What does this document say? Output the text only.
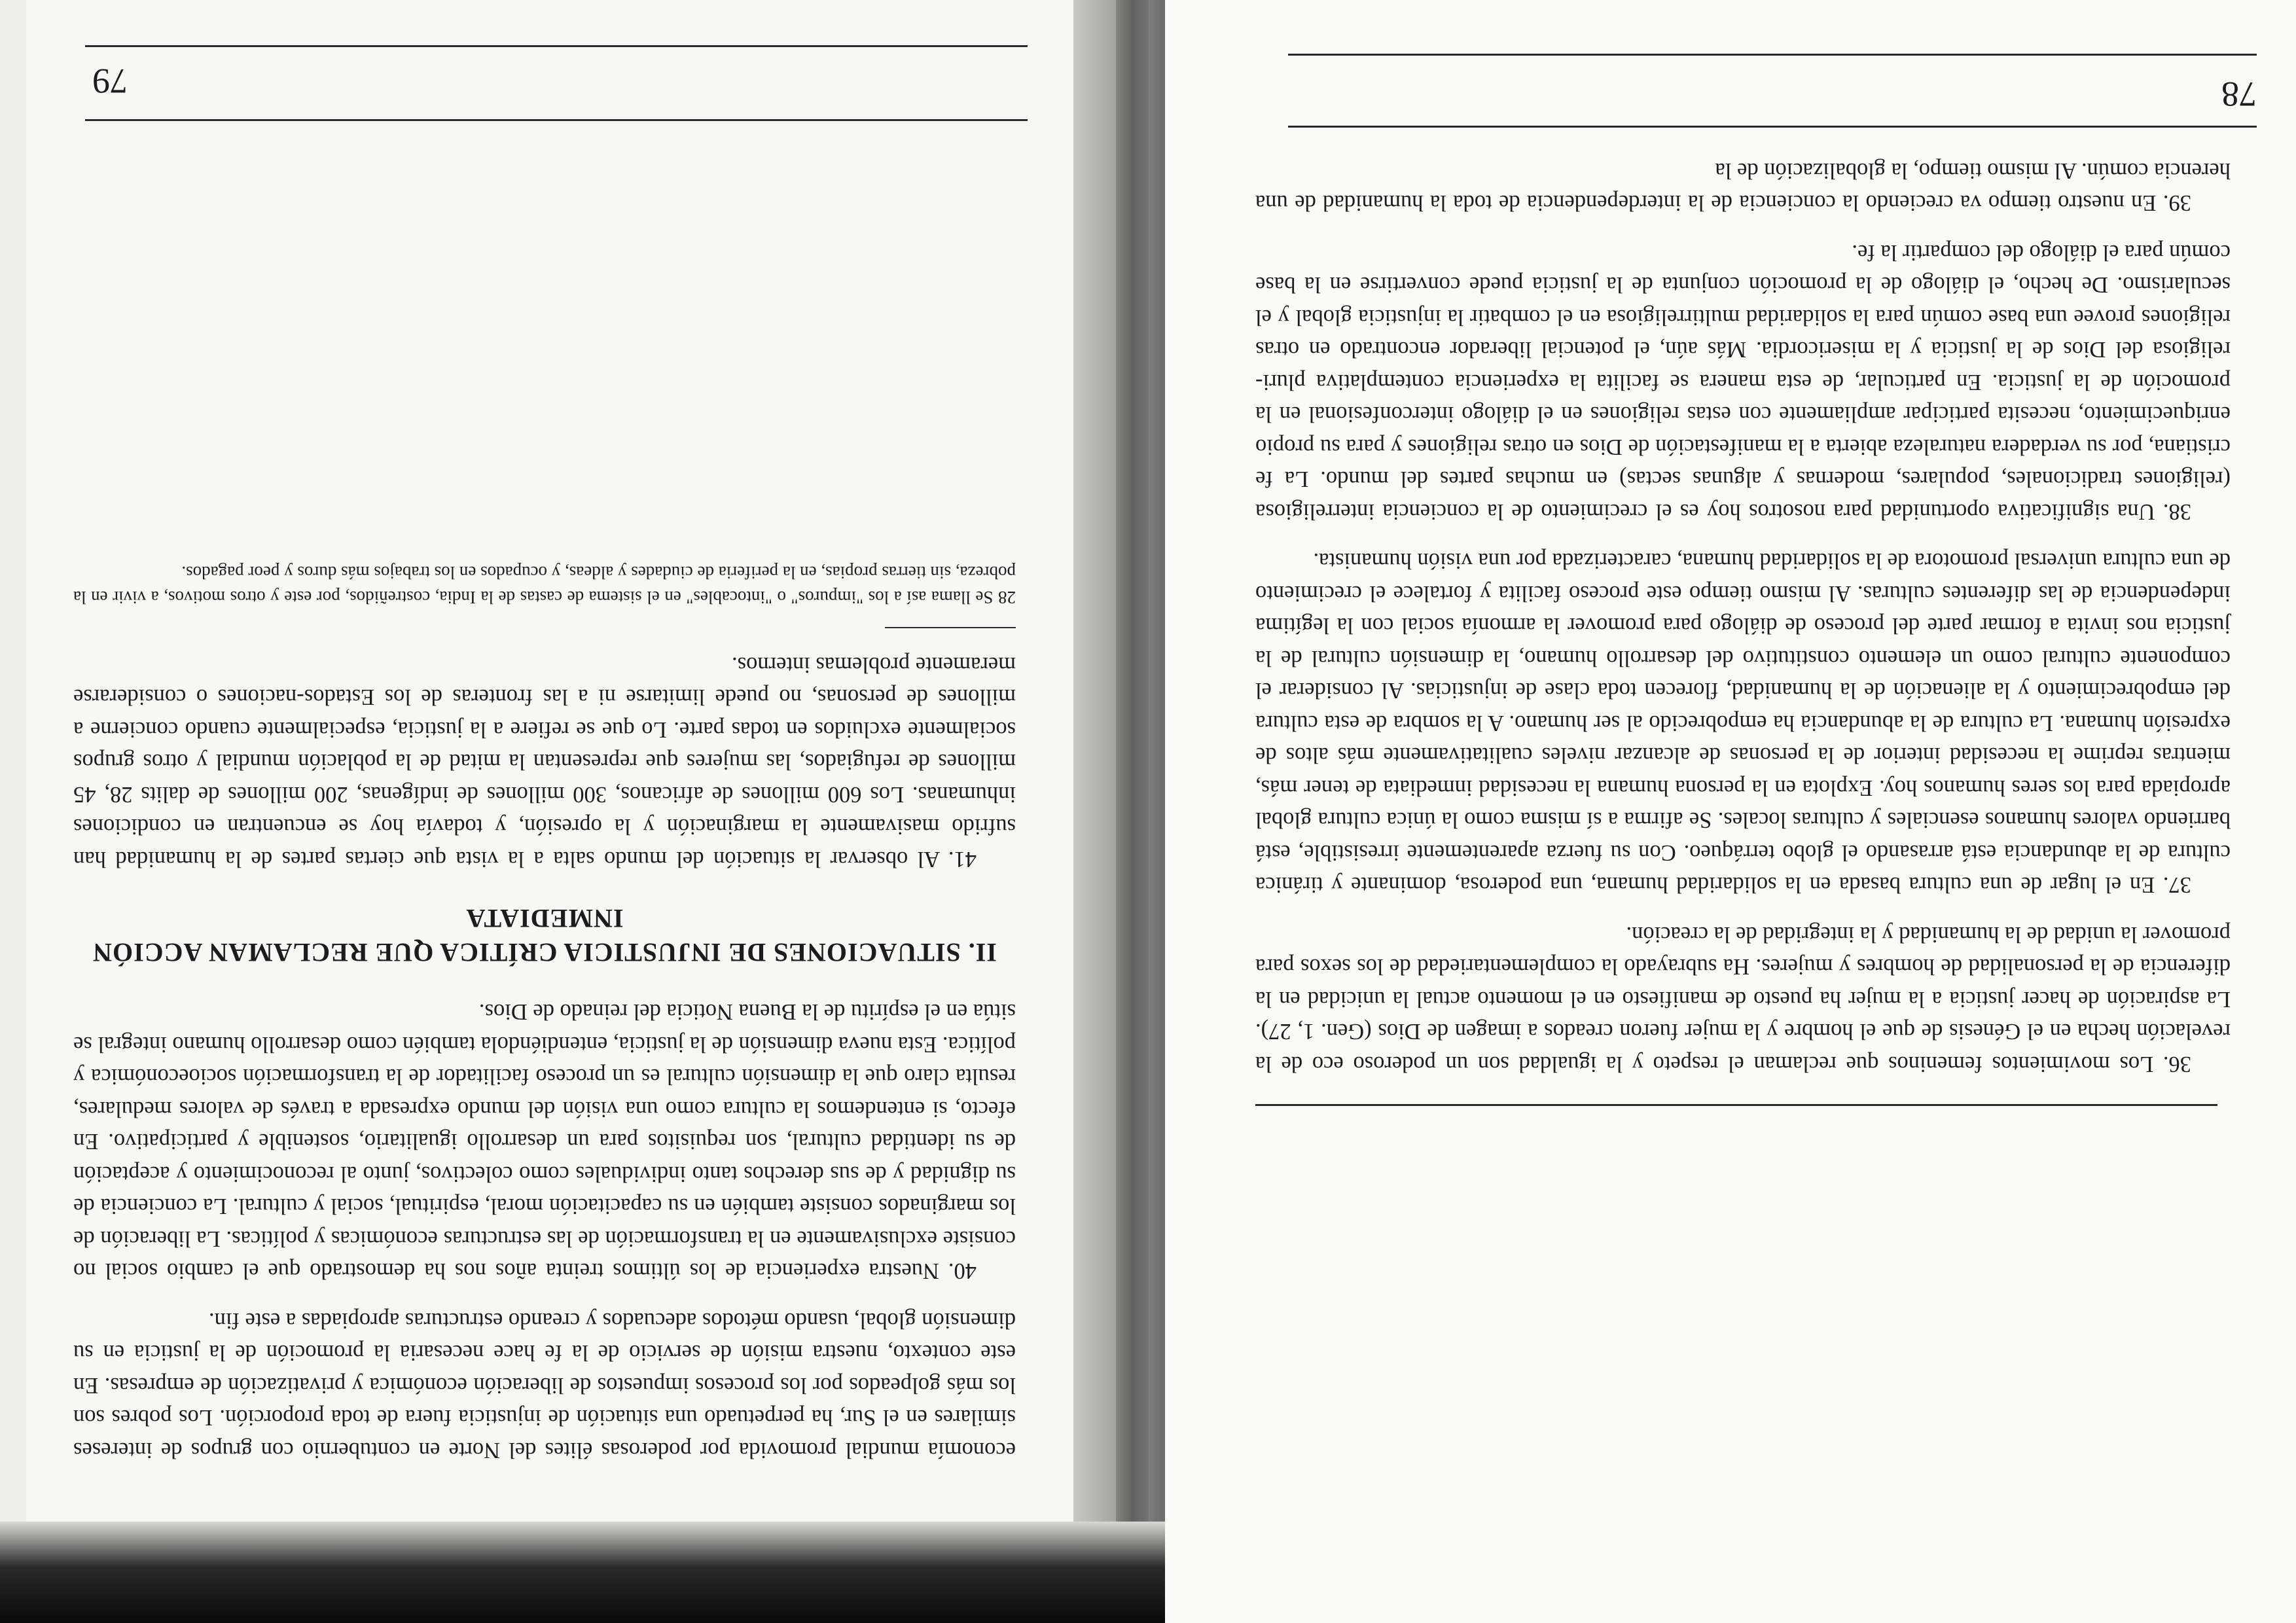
79

economía mundial promovida por poderosas élites del Norte en contubernio con grupos de intereses similares en el Sur, ha perpetuado una situación de injusticia fuera de toda proporción. Los pobres son los más golpeados por los procesos impuestos de liberación económica y privatización de empresas. En este contexto, nuestra misión de servicio de la fe hace necesaria la promoción de la justicia en su dimensión global, usando métodos adecuados y creando estructuras apropiadas a este fin.

40. Nuestra experiencia de los últimos treinta años nos ha demostrado que el cambio social no consiste exclusivamente en la transformación de las estructuras económicas y políticas. La liberación de los marginados consiste también en su capacitación moral, espiritual, social y cultural. La conciencia de su dignidad y de sus derechos tanto individuales como colectivos, junto al reconocimiento y aceptación de su identidad cultural, son requisitos para un desarrollo igualitario, sostenible y participativo. En efecto, si entendemos la cultura como una visión del mundo expresada a través de valores medulares, resulta claro que la dimensión cultural es un proceso facilitador de la transformación socioeconómica y política. Esta nueva dimensión de la justicia, entendiéndola también como desarrollo humano integral se sitúa en el espíritu de la Buena Noticia del reinado de Dios.

II. SITUACIONES DE INJUSTICIA CRÍTICA QUE RECLAMAN ACCIÓN INMEDIATA

41. Al observar la situación del mundo salta a la vista que ciertas partes de la humanidad han sufrido masivamente la marginación y la opresión, y todavía hoy se encuentran en condiciones inhumanas. Los 600 millones de africanos, 300 millones de indígenas, 200 millones de dalits 28, 45 millones de refugiados, las mujeres que representan la mitad de la población mundial y otros grupos socialmente excluidos en todas parte. Lo que se refiere a la justicia, especialmente cuando concierne a millones de personas, no puede limitarse ni a las fronteras de los Estados-naciones o considerarse meramente problemas internos.

28 Se llama así a los "impuros" o "intocables" en el sistema de castas de la India, costreñidos, por este y otros motivos, a vivir en la pobreza, sin tierras propias, en la periferia de ciudades y aldeas, y ocupados en los trabajos más duros y peor pagados.

78

36. Los movimientos femeninos que reclaman el respeto y la igualdad son un poderoso eco de la revelación hecha en el Génesis de que el hombre y la mujer fueron creados a imagen de Dios (Gen. 1, 27). La aspiración de hacer justicia a la mujer ha puesto de manifiesto en el momento actual la unicidad en la diferencia de la personalidad de hombres y mujeres. Ha subrayado la complementariedad de los sexos para promover la unidad de la humanidad y la integridad de la creación.

37. En el lugar de una cultura basada en la solidaridad humana, una poderosa, dominante y tiránica cultura de la abundancia está arrasando el globo terráqueo. Con su fuerza aparentemente irresistible, está barriendo valores humanos esenciales y culturas locales. Se afirma a sí misma como la única cultura global apropiada para los seres humanos hoy. Explota en la persona humana la necesidad inmediata de tener más, mientras reprime la necesidad interior de la personas de alcanzar niveles cualitativamente más altos de expresión humana. La cultura de la abundancia ha empobrecido al ser humano. A la sombra de esta cultura del empobrecimiento y la alienación de la humanidad, florecen toda clase de injusticias. Al considerar el componente cultural como un elemento constitutivo del desarrollo humano, la dimensión cultural de la justicia nos invita a formar parte del proceso de diálogo para promover la armonía social con la legítima independencia de las diferentes culturas. Al mismo tiempo este proceso facilita y fortalece el crecimiento de una cultura universal promotora de la solidaridad humana, caracterizada por una visión humanista.

38. Una significativa oportunidad para nosotros hoy es el crecimiento de la conciencia interreligiosa (religiones tradicionales, populares, modernas y algunas sectas) en muchas partes del mundo. La fe cristiana, por su verdadera naturaleza abierta a la manifestación de Dios en otras religiones y para su propio enriquecimiento, necesita participar ampliamente con estas religiones en el diálogo interconfesional en la promoción de la justicia. En particular, de esta manera se facilita la experiencia contemplativa pluri-religiosa del Dios de la justicia y la misericordia. Más aún, el potencial liberador encontrado en otras religiones provee una base común para la solidaridad multirreligiosa en el combatir la injusticia global y el secularismo. De hecho, el diálogo de la promoción conjunta de la justicia puede convertirse en la base común para el diálogo del compartir la fe.

39. En nuestro tiempo va creciendo la conciencia de la interdependencia de toda la humanidad de una herencia común. Al mismo tiempo, la globalización de la
